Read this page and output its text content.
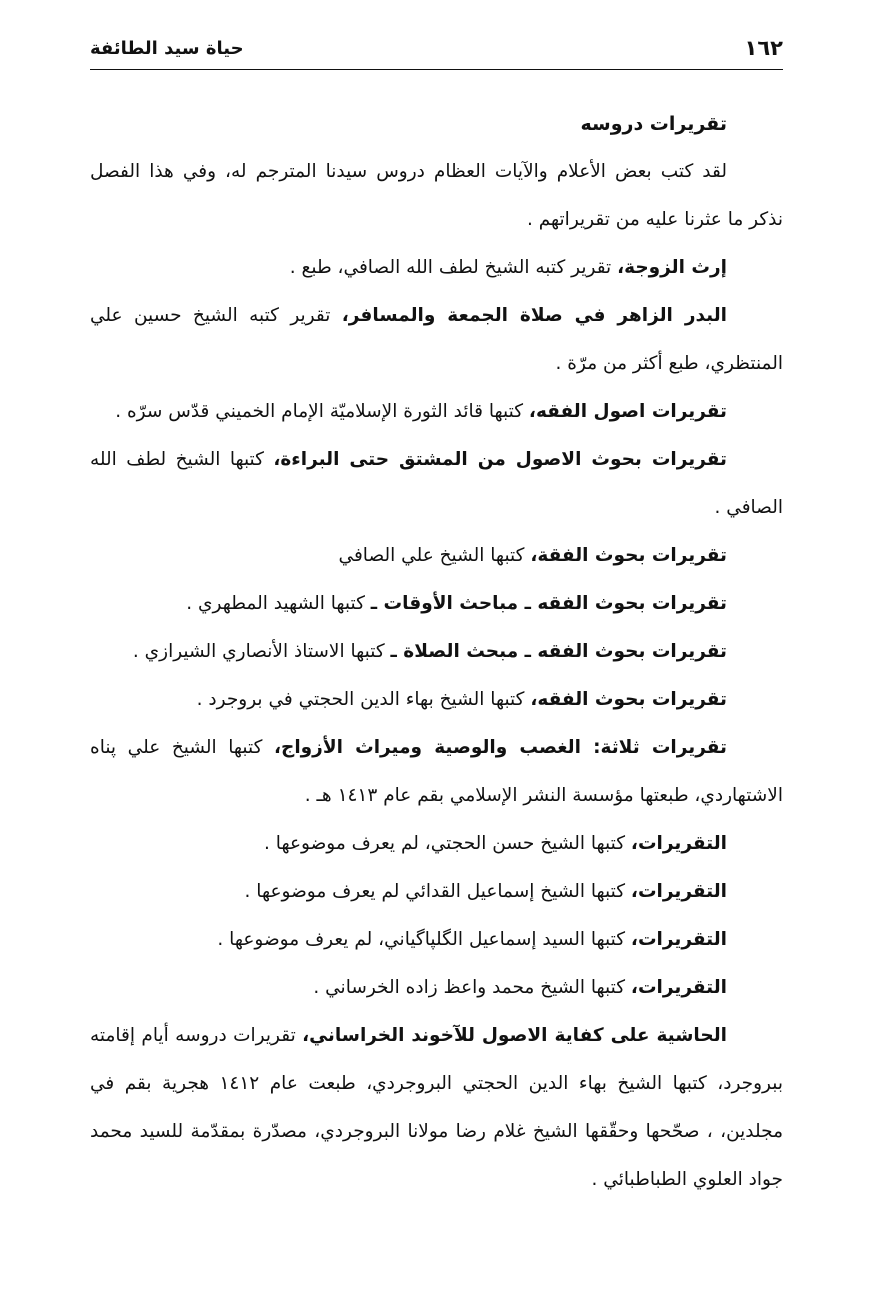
١٦٢
حياة سيد الطائفة

تقريرات دروسه

لقد كتب بعض الأعلام والآيات العظام دروس سيدنا المترجم له، وفي هذا الفصل نذكر ما عثرنا عليه من تقريراتهم .

إرث الزوجة، تقرير كتبه الشيخ لطف الله الصافي، طبع .

البدر الزاهر في صلاة الجمعة والمسافر، تقرير كتبه الشيخ حسين علي المنتظري، طبع أكثر من مرّة .

تقريرات اصول الفقه، كتبها قائد الثورة الإسلاميّة الإمام الخميني قدّس سرّه .

تقريرات بحوث الاصول من المشتق حتى البراءة، كتبها الشيخ لطف الله الصافي .

تقريرات بحوث الفقة، كتبها الشيخ علي الصافي

تقريرات بحوث الفقه ـ مباحث الأوقات ـ كتبها الشهيد المطهري .

تقريرات بحوث الفقه ـ مبحث الصلاة ـ كتبها الاستاذ الأنصاري الشيرازي .

تقريرات بحوث الفقه، كتبها الشيخ بهاء الدين الحجتي في بروجرد .

تقريرات ثلاثة: الغصب والوصية وميراث الأزواج، كتبها الشيخ علي پناه الاشتهاردي، طبعتها مؤسسة النشر الإسلامي بقم عام ١٤١٣ هـ .

التقريرات، كتبها الشيخ حسن الحجتي، لم يعرف موضوعها .

التقريرات، كتبها الشيخ إسماعيل القدائي لم يعرف موضوعها .

التقريرات، كتبها السيد إسماعيل الگلپاگياني، لم يعرف موضوعها .

التقريرات، كتبها الشيخ محمد واعظ زاده الخرساني .

الحاشية على كفاية الاصول للآخوند الخراساني، تقريرات دروسه أيام إقامته ببروجرد، كتبها الشيخ بهاء الدين الحجتي البروجردي، طبعت عام ١٤١٢ هجرية بقم في مجلدين، ، صحّحها وحقّقها الشيخ غلام رضا مولانا البروجردي، مصدّرة بمقدّمة للسيد محمد جواد العلوي الطباطبائي .
